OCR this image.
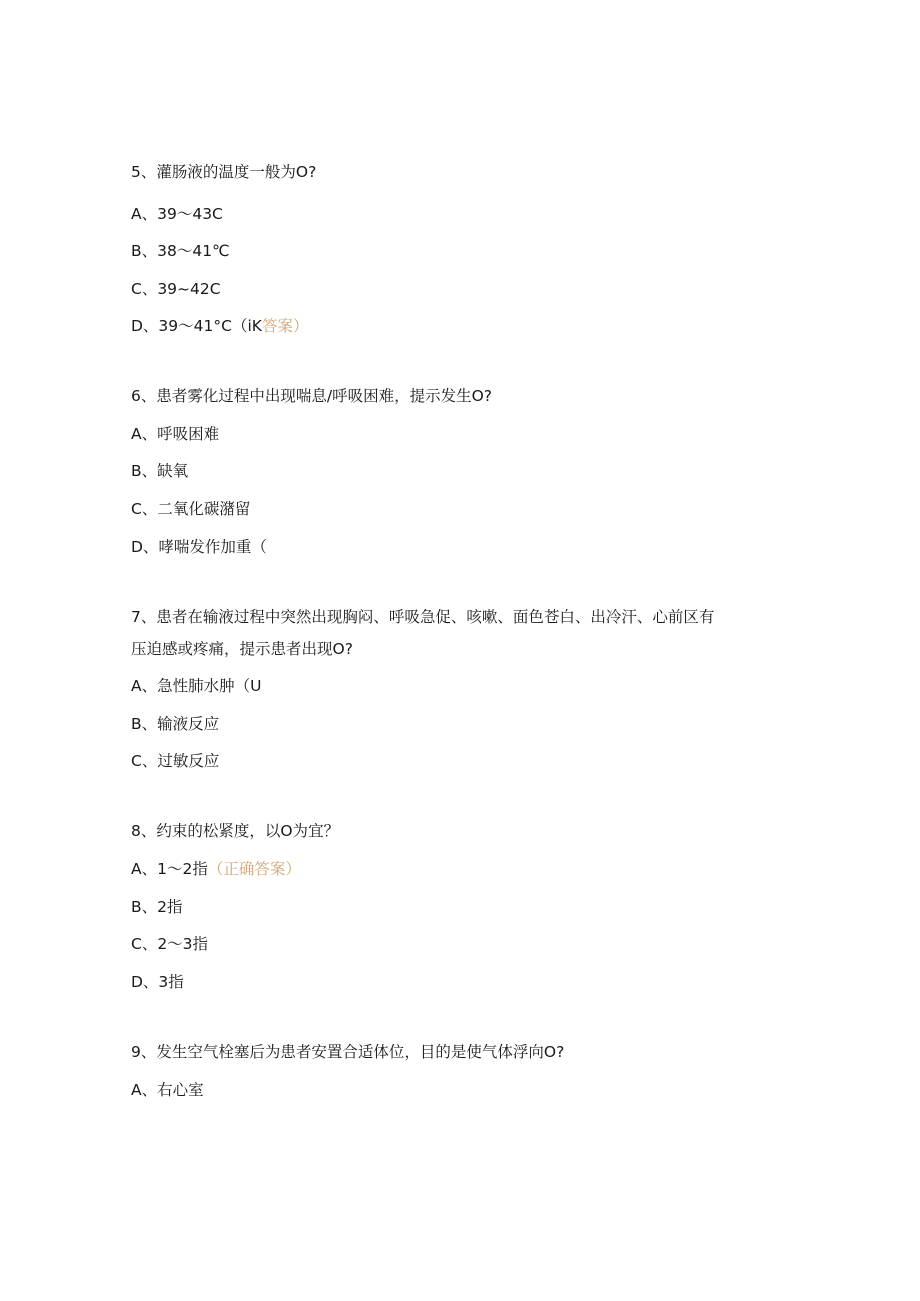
5、灌肠液的温度一般为O?
A、39～43C
B、38～41℃
C、39~42C
D、39～41°C（iK答案）
6、患者雾化过程中出现喘息/呼吸困难，提示发生O?
A、呼吸困难
B、缺氧
C、二氧化碳潴留
D、哮喘发作加重（
7、患者在输液过程中突然出现胸闷、呼吸急促、咳嗽、面色苍白、出冷汗、心前区有
压迫感或疼痛，提示患者出现O?
A、急性肺水肿（U
B、输液反应
C、过敏反应
8、约束的松紧度，以O为宜？
A、1～2指（正确答案）
B、2指
C、2～3指
D、3指
9、发生空气栓塞后为患者安置合适体位，目的是使气体浮向O?
A、右心室
